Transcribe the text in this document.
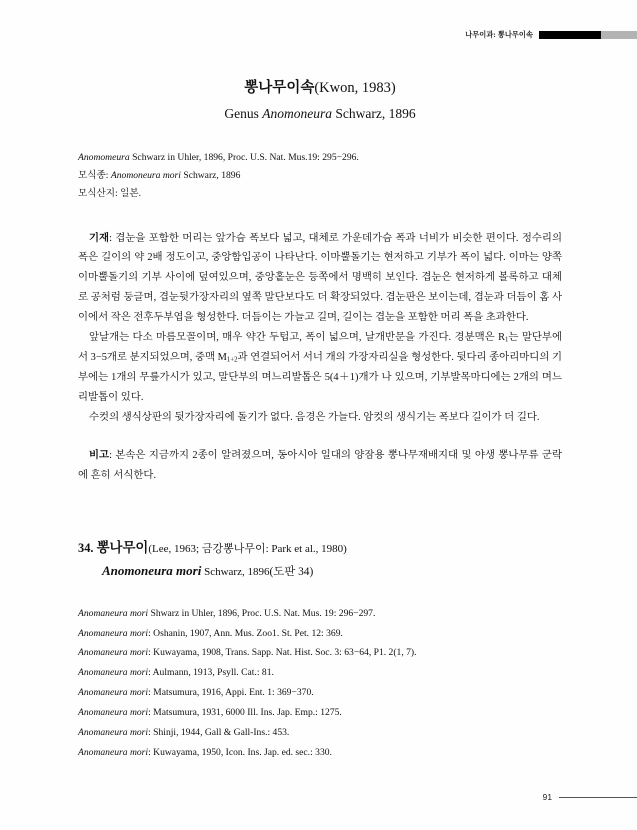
나무이과: 뽕나무이속

뽕나무이속(Kwon, 1983)

Genus Anomoneura Schwarz, 1896

Anomomeura Schwarz in Uhler, 1896, Proc. U.S. Nat. Mus.19: 295−296.
모식종: Anomoneura mori Schwarz, 1896
모식산지: 일본.

기재: 겹눈을 포함한 머리는 앞가슴 폭보다 넓고, 대체로 가운데가슴 폭과 너비가 비슷한 편이다. 정수리의 폭은 길이의 약 2배 정도이고, 중앙함입공이 나타난다. 이마뿔돌기는 현저하고 기부가 폭이 넓다. 이마는 양쪽 이마뿔돌기의 기부 사이에 덮여있으며, 중앙홑눈은 등쪽에서 명백히 보인다. 겹눈은 현저하게 볼록하고 대체로 공처럼 둥글며, 겹눈뒷가장자리의 옆쪽 말단보다도 더 확장되었다. 겹눈판은 보이는데, 겹눈과 더듬이 홈 사이에서 작은 전후두부엽을 형성한다. 더듬이는 가늘고 길며, 길이는 겹눈을 포함한 머리 폭을 초과한다.

앞날개는 다소 마름모꼴이며, 매우 약간 두텁고, 폭이 넓으며, 날개반문을 가진다. 경분맥은 $R_1$는 말단부에서 3−5개로 분지되었으며, 중맥 $M_{1+2}$과 연결되어서 서너 개의 가장자리실을 형성한다. 뒷다리 종아리마디의 기부에는 1개의 무릎가시가 있고, 말단부의 며느리발톱은 5(4＋1)개가 나 있으며, 기부발목마디에는 2개의 며느리발톱이 있다.

수컷의 생식상판의 뒷가장자리에 돌기가 없다. 음경은 가늘다. 암컷의 생식기는 폭보다 길이가 더 길다.

비고: 본속은 지금까지 2종이 알려졌으며, 동아시아 일대의 양잠용 뽕나무재배지대 및 야생 뽕나무류 군락에 흔히 서식한다.

34. 뽕나무이(Lee, 1963; 금강뽕나무이: Park et al., 1980)

Anomoneura mori Schwarz, 1896(도판 34)

Anomaneura mori Shwarz in Uhler, 1896, Proc. U.S. Nat. Mus. 19: 296−297.
Anomaneura mori: Oshanin, 1907, Ann. Mus. Zoo1. St. Pet. 12: 369.
Anomaneura mori: Kuwayama, 1908, Trans. Sapp. Nat. Hist. Soc. 3: 63−64, P1. 2(1, 7).
Anomaneura mori: Aulmann, 1913, Psyll. Cat.: 81.
Anomaneura mori: Matsumura, 1916, Appi. Ent. 1: 369−370.
Anomaneura mori: Matsumura, 1931, 6000 Ill. Ins. Jap. Emp.: 1275.
Anomaneura mori: Shinji, 1944, Gall & Gall-Ins.: 453.
Anomaneura mori: Kuwayama, 1950, Icon. Ins. Jap. ed. sec.: 330.
91
